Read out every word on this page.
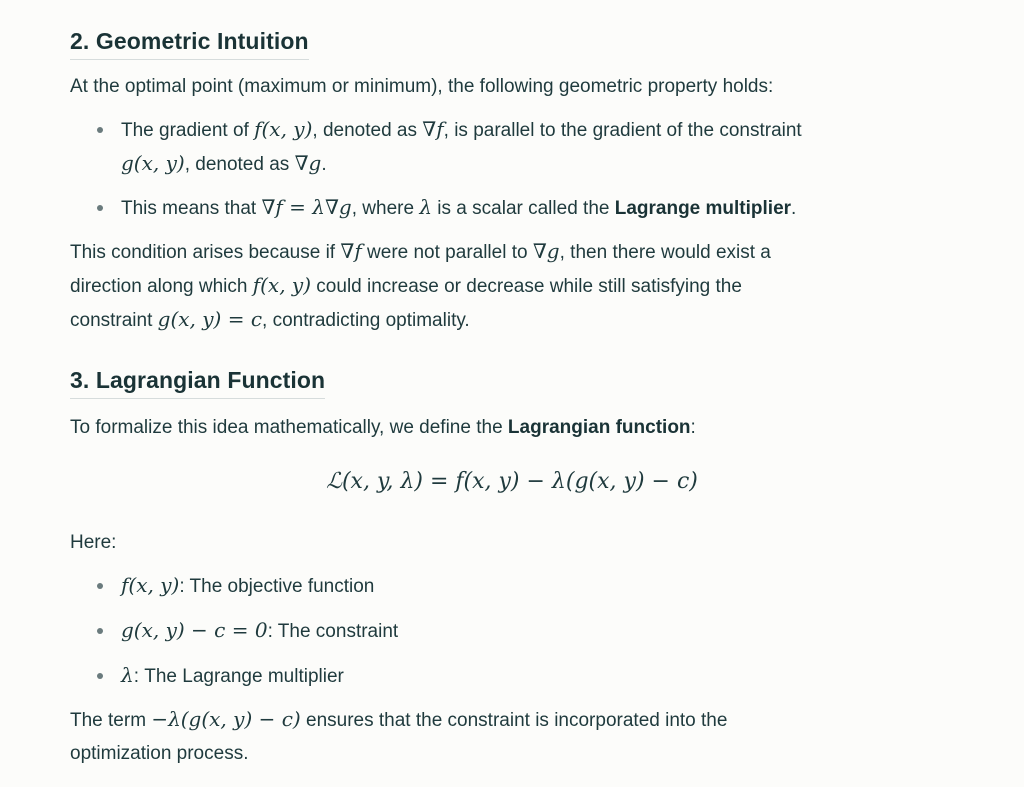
2. Geometric Intuition

At the optimal point (maximum or minimum), the following geometric property holds:

The gradient of f(x, y), denoted as ∇f, is parallel to the gradient of the constraint
g(x, y), denoted as ∇g.
This means that ∇f = λ∇g, where λ is a scalar called the Lagrange multiplier.

This condition arises because if ∇f were not parallel to ∇g, then there would exist a
direction along which f(x, y) could increase or decrease while still satisfying the
constraint g(x, y) = c, contradicting optimality.

3. Lagrangian Function

To formalize this idea mathematically, we define the Lagrangian function:

ℒ(x, y, λ) = f(x, y) − λ(g(x, y) − c)

Here:

f(x, y): The objective function
g(x, y) − c = 0: The constraint
λ: The Lagrange multiplier

The term −λ(g(x, y) − c) ensures that the constraint is incorporated into the
optimization process.
